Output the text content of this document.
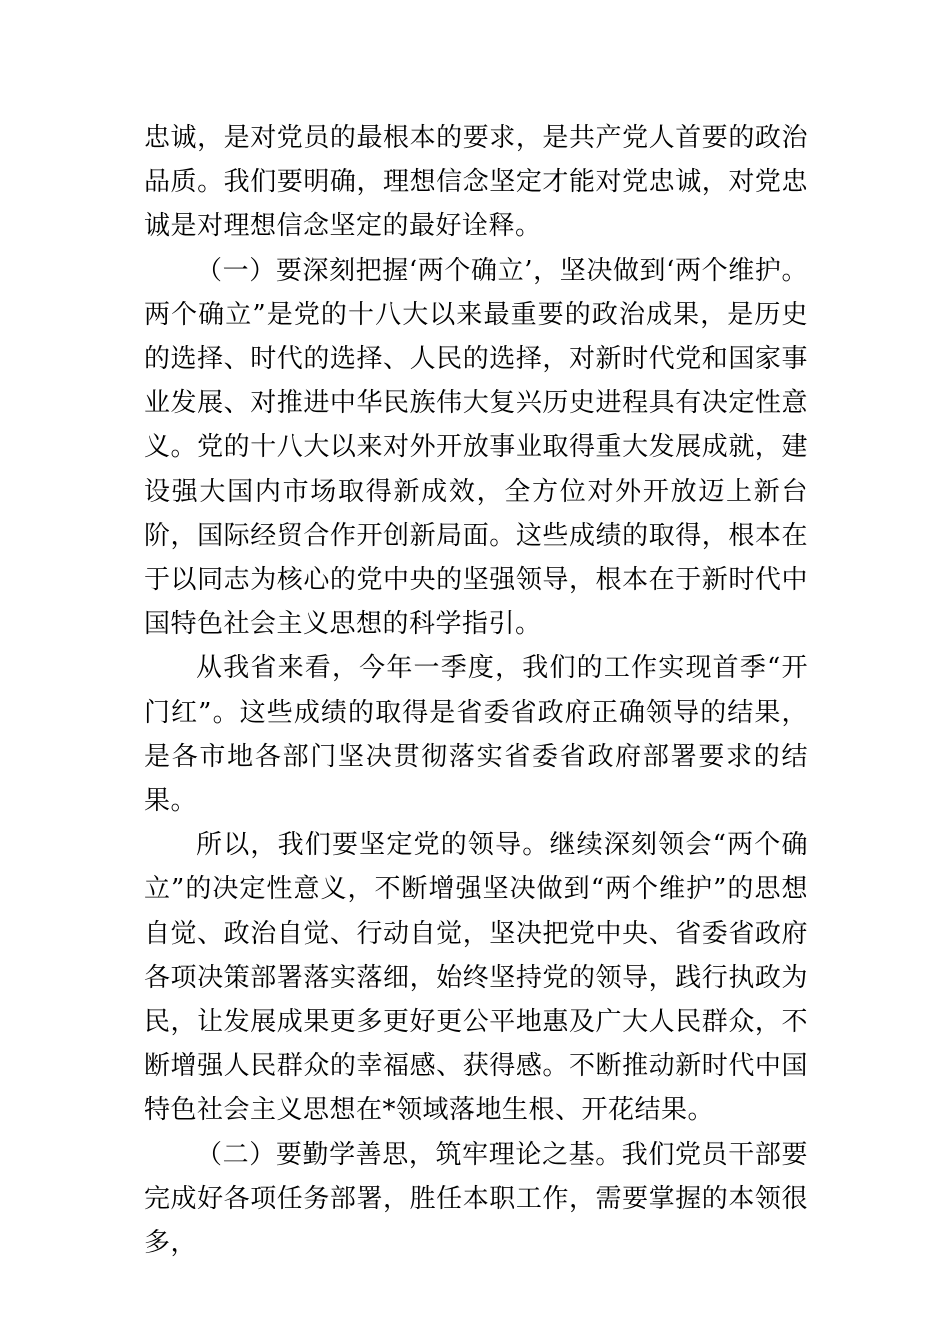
忠诚，是对党员的最根本的要求，是共产党人首要的政治品质。我们要明确，理想信念坚定才能对党忠诚，对党忠诚是对理想信念坚定的最好诠释。

（一）要深刻把握‘两个确立’，坚决做到‘两个维护。两个确立”是党的十八大以来最重要的政治成果，是历史的选择、时代的选择、人民的选择，对新时代党和国家事业发展、对推进中华民族伟大复兴历史进程具有决定性意义。党的十八大以来对外开放事业取得重大发展成就，建设强大国内市场取得新成效，全方位对外开放迈上新台阶，国际经贸合作开创新局面。这些成绩的取得，根本在于以同志为核心的党中央的坚强领导，根本在于新时代中国特色社会主义思想的科学指引。

从我省来看，今年一季度，我们的工作实现首季“开门红”。这些成绩的取得是省委省政府正确领导的结果，是各市地各部门坚决贯彻落实省委省政府部署要求的结果。

所以，我们要坚定党的领导。继续深刻领会“两个确立”的决定性意义，不断增强坚决做到“两个维护”的思想自觉、政治自觉、行动自觉，坚决把党中央、省委省政府各项决策部署落实落细，始终坚持党的领导，践行执政为民，让发展成果更多更好更公平地惠及广大人民群众，不断增强人民群众的幸福感、获得感。不断推动新时代中国特色社会主义思想在*领域落地生根、开花结果。

（二）要勤学善思，筑牢理论之基。我们党员干部要完成好各项任务部署，胜任本职工作，需要掌握的本领很多，
